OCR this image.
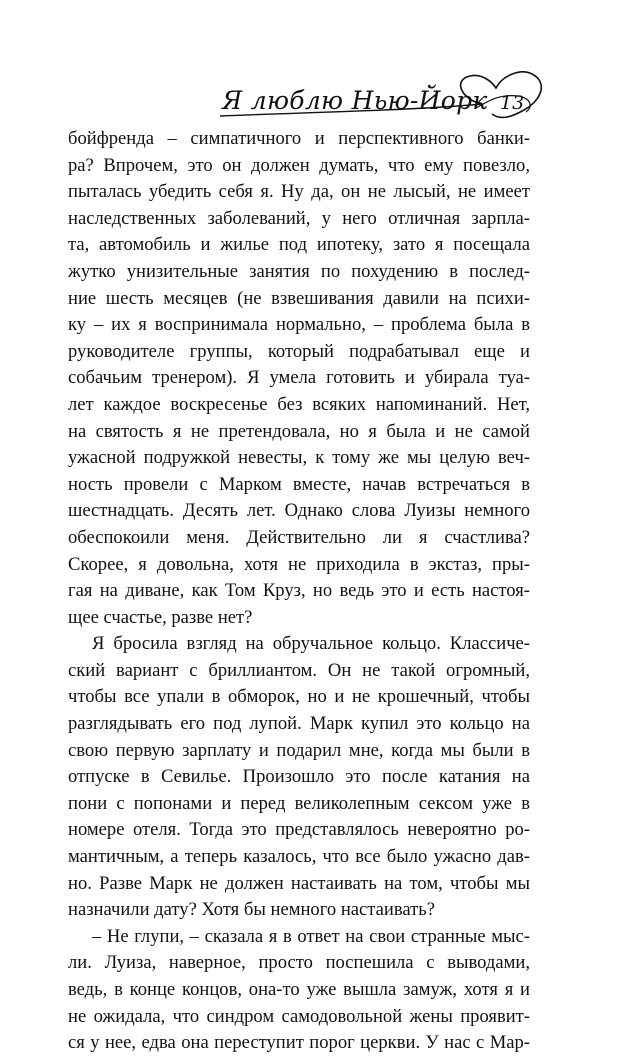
Я люблю Нью-Йорк 13
бойфренда – симпатичного и перспективного банки-
ра? Впрочем, это он должен думать, что ему повезло,
пыталась убедить себя я. Ну да, он не лысый, не имеет
наследственных заболеваний, у него отличная зарпла-
та, автомобиль и жилье под ипотеку, зато я посещала
жутко унизительные занятия по похудению в послед-
ние шесть месяцев (не взвешивания давили на психи-
ку – их я воспринимала нормально, – проблема была в
руководителе группы, который подрабатывал еще и
собачьим тренером). Я умела готовить и убирала туа-
лет каждое воскресенье без всяких напоминаний. Нет,
на святость я не претендовала, но я была и не самой
ужасной подружкой невесты, к тому же мы целую веч-
ность провели с Марком вместе, начав встречаться в
шестнадцать. Десять лет. Однако слова Луизы немного
обеспокоили меня. Действительно ли я счастлива?
Скорее, я довольна, хотя не приходила в экстаз, пры-
гая на диване, как Том Круз, но ведь это и есть настоя-
щее счастье, разве нет?
Я бросила взгляд на обручальное кольцо. Классиче-
ский вариант с бриллиантом. Он не такой огромный,
чтобы все упали в обморок, но и не крошечный, чтобы
разглядывать его под лупой. Марк купил это кольцо на
свою первую зарплату и подарил мне, когда мы были в
отпуске в Севилье. Произошло это после катания на
пони с попонами и перед великолепным сексом уже в
номере отеля. Тогда это представлялось невероятно ро-
мантичным, а теперь казалось, что все было ужасно дав-
но. Разве Марк не должен настаивать на том, чтобы мы
назначили дату? Хотя бы немного настаивать?
– Не глупи, – сказала я в ответ на свои странные мыс-
ли. Луиза, наверное, просто поспешила с выводами,
ведь, в конце концов, она-то уже вышла замуж, хотя я и
не ожидала, что синдром самодовольной жены проявит-
ся у нее, едва она переступит порог церкви. У нас с Мар-
